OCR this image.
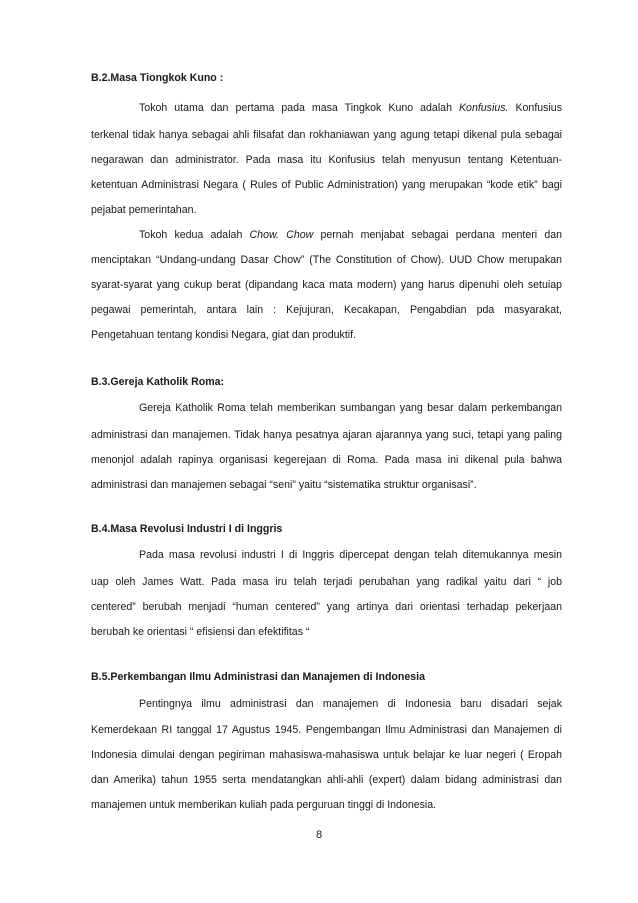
B.2.Masa Tiongkok Kuno :
Tokoh utama dan pertama pada masa Tingkok Kuno adalah Konfusius. Konfusius
terkenal tidak hanya sebagai ahli filsafat dan rokhaniawan yang agung tetapi dikenal pula sebagai
negarawan dan administrator. Pada masa itu Konfusius telah menyusun tentang Ketentuan-
ketentuan Administrasi Negara ( Rules of Public Administration) yang merupakan “kode etik” bagi
pejabat pemerintahan.
Tokoh kedua adalah Chow. Chow pernah menjabat sebagai perdana menteri dan
menciptakan “Undang-undang Dasar Chow” (The Constitution of Chow). UUD Chow merupakan
syarat-syarat yang cukup berat (dipandang kaca mata modern) yang harus dipenuhi oleh setuiap
pegawai pemerintah, antara lain : Kejujuran, Kecakapan, Pengabdian pda masyarakat,
Pengetahuan tentang kondisi Negara, giat dan produktif.
B.3.Gereja Katholik Roma:
Gereja Katholik Roma telah memberikan sumbangan yang besar dalam perkembangan
administrasi dan manajemen. Tidak hanya pesatnya ajaran ajarannya yang suci, tetapi yang paling
menonjol adalah rapinya organisasi kegerejaan di Roma. Pada masa ini dikenal pula bahwa
administrasi dan manajemen sebagai “seni” yaitu “sistematika struktur organisasi”.
B.4.Masa Revolusi Industri I di Inggris
Pada masa revolusi industri I di Inggris dipercepat dengan telah ditemukannya mesin
uap oleh James Watt. Pada masa iru telah terjadi perubahan yang radikal yaitu dari “ job
centered” berubah menjadi “human centered” yang artinya dari orientasi terhadap pekerjaan
berubah ke orientasi “ efisiensi dan efektifitas “
B.5.Perkembangan Ilmu Administrasi dan Manajemen di Indonesia
Pentingnya ilmu administrasi dan manajemen di Indonesia baru disadari sejak
Kemerdekaan RI tanggal 17 Agustus 1945. Pengembangan Ilmu Administrasi dan Manajemen di
Indonesia dimulai dengan pegiriman mahasiswa-mahasiswa untuk belajar ke luar negeri ( Eropah
dan Amerika) tahun 1955 serta mendatangkan ahli-ahli (expert) dalam bidang administrasi dan
manajemen untuk memberikan kuliah pada perguruan tinggi di Indonesia.
8
